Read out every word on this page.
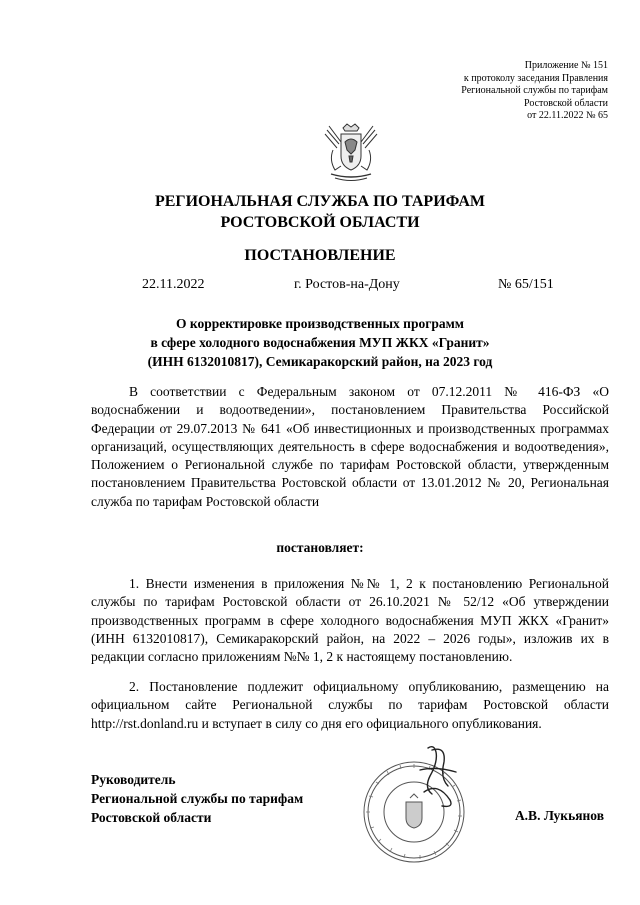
Приложение № 151
к протоколу заседания Правления
Региональной службы по тарифам
Ростовской области
от 22.11.2022 № 65
РЕГИОНАЛЬНАЯ СЛУЖБА ПО ТАРИФАМ
РОСТОВСКОЙ ОБЛАСТИ
ПОСТАНОВЛЕНИЕ
22.11.2022	г. Ростов-на-Дону	№ 65/151
О корректировке производственных программ
в сфере холодного водоснабжения МУП ЖКХ «Гранит»
(ИНН 6132010817), Семикаракорский район, на 2023 год

В соответствии с Федеральным законом от 07.12.2011 № 416-ФЗ «О водоснабжении и водоотведении», постановлением Правительства Российской Федерации от 29.07.2013 № 641 «Об инвестиционных и производственных программах организаций, осуществляющих деятельность в сфере водоснабжения и водоотведения», Положением о Региональной службе по тарифам Ростовской области, утвержденным постановлением Правительства Ростовской области от 13.01.2012 № 20, Региональная служба по тарифам Ростовской области

постановляет:

1. Внести изменения в приложения №№ 1, 2 к постановлению Региональной службы по тарифам Ростовской области от 26.10.2021 № 52/12 «Об утверждении производственных программ в сфере холодного водоснабжения МУП ЖКХ «Гранит» (ИНН 6132010817), Семикаракорский район, на 2022 – 2026 годы», изложив их в редакции согласно приложениям №№ 1, 2 к настоящему постановлению.

2. Постановление подлежит официальному опубликованию, размещению на официальном сайте Региональной службы по тарифам Ростовской области http://rst.donland.ru и вступает в силу со дня его официального опубликования.

Руководитель
Региональной службы по тарифам
Ростовской области	А.В. Лукьянов
